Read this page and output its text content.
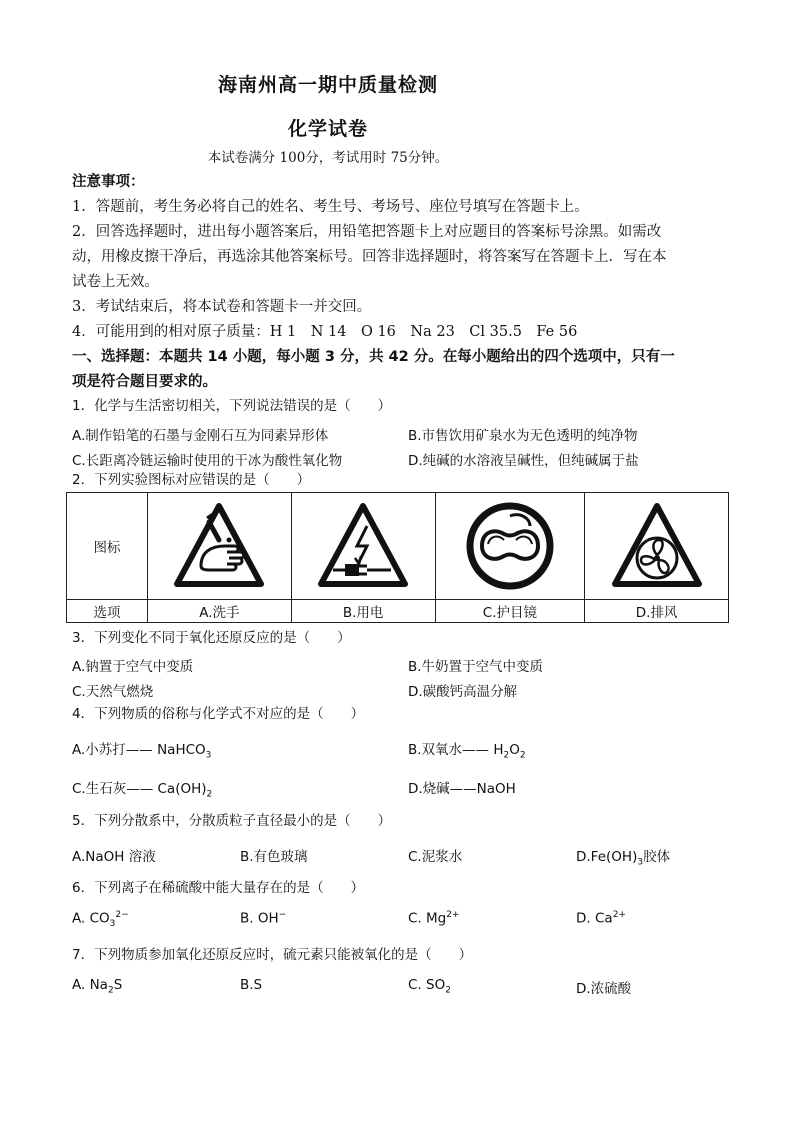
海南州高一期中质量检测
化学试卷
本试卷满分 100分，考试用时 75分钟。
注意事项：
1．答题前，考生务必将自己的姓名、考生号、考场号、座位号填写在答题卡上。
2．回答选择题时，进出每小题答案后，用铅笔把答题卡上对应题目的答案标号涂黑。如需改
动，用橡皮擦干净后，再选涂其他答案标号。回答非选择题时，将答案写在答题卡上．写在本
试卷上无效。
3．考试结束后，将本试卷和答题卡一并交回。
4．可能用到的相对原子质量：H 1　N 14　O 16　Na 23　Cl 35.5　Fe 56
一、选择题：本题共 14 小题，每小题 3 分，共 42 分。在每小题给出的四个选项中，只有一
项是符合题目要求的。
1．化学与生活密切相关，下列说法错误的是（　　）
A.制作铅笔的石墨与金刚石互为同素异形体	B.市售饮用矿泉水为无色透明的纯净物
C.长距离冷链运输时使用的干冰为酸性氧化物	D.纯碱的水溶液呈碱性，但纯碱属于盐
2．下列实验图标对应错误的是（　　）
图标	

选项	A.洗手	B.用电	C.护目镜	D.排风
3．下列变化不同于氧化还原反应的是（　　）
A.钠置于空气中变质	B.牛奶置于空气中变质
C.天然气燃烧	D.碳酸钙高温分解
4．下列物质的俗称与化学式不对应的是（　　）
A.小苏打—— NaHCO$_3$	B.双氧水—— $H_2O_2$
C.生石灰—— $Ca(OH)_2$	D.烧碱——NaOH
5．下列分散系中，分散质粒子直径最小的是（　　）
A.NaOH 溶液	B.有色玻璃	C.泥浆水	$D.Fe(OH)_3$胶体
6．下列离子在稀硫酸中能大量存在的是（　　）
A. $CO_3^{2-}$	B. OH−	C. $Mg^{2+}$	D. $Ca^{2+}$
7．下列物质参加氧化还原反应时，硫元素只能被氧化的是（　　）
A. $Na_2S$	B.S	C. $SO_2$	D.浓硫酸
